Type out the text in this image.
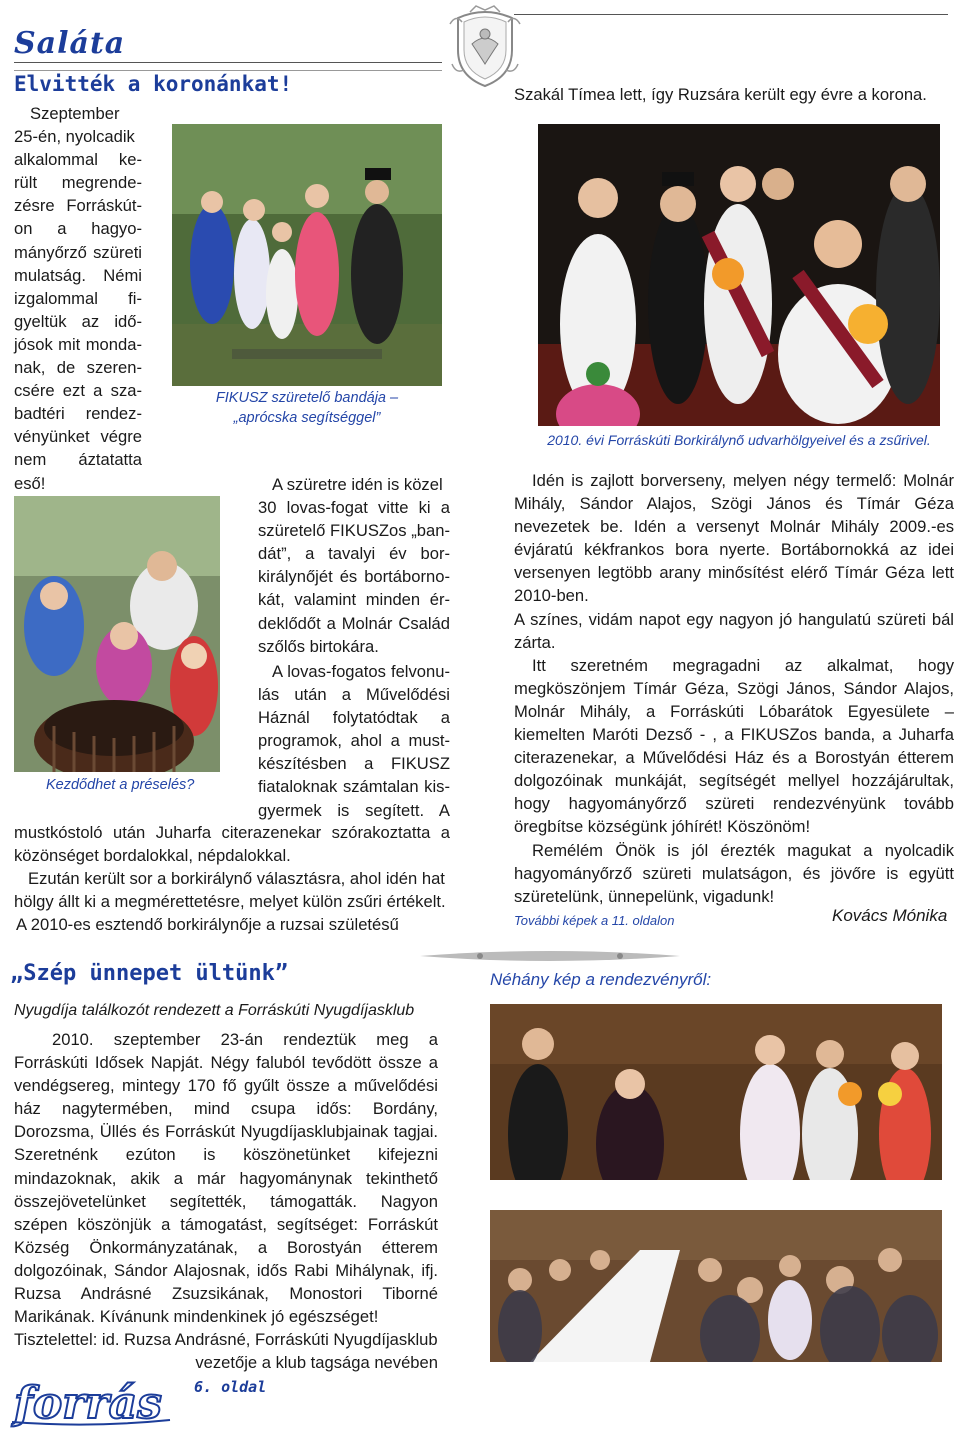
Saláta
Elvitték a koronánkat!
Szeptember
25-én, nyolcadik
alkalommal ke-
rült megrende-
zésre Forráskút-
on a hagyo-
mányőrző szüreti
mulatság. Némi
izgalommal fi-
gyeltük az idő-
jósok mit monda-
nak, de szeren-
csére ezt a sza-
badtéri rendez-
vényünket végre
nem áztatatta eső!
FIKUSZ szüretelő bandája –
„aprócska segítséggel”
Kezdődhet a préselés?
A szüretre idén is közel
30 lovas-fogat vitte ki a
szüretelő FIKUSZos „ban-
dát”, a tavalyi év bor-
királynőjét és bortáborno-
kát, valamint minden ér-
deklődőt a Molnár Család
szőlős birtokára.
A lovas-fogatos felvonu-
lás után a Művelődési
Háznál folytatódtak a
programok, ahol a must-
készítésben a FIKUSZ
fiataloknak számtalan kis-
gyermek is segített. A
mustkóstoló után Juharfa citerazenekar szórakoztatta a
közönséget bordalokkal, népdalokkal.
Ezután került sor a borkirálynő választásra, ahol idén hat
hölgy állt ki a megmérettetésre, melyet külön zsűri értékelt.
A 2010-es esztendő borkirálynője a ruzsai születésű
Szakál Tímea lett, így Ruzsára került egy évre a korona.
2010. évi Forráskúti Borkirálynő udvarhölgyeivel és a zsűrivel.

Idén is zajlott borverseny, melyen négy termelő: Molnár Mihály, Sándor Alajos, Szögi János és Tímár Géza nevezetek be. Idén a versenyt Molnár Mihály 2009.-es évjáratú kékfrankos bora nyerte. Bortábornokká az idei versenyen legtöbb arany minősítést elérő Tímár Géza lett 2010-ben.

A színes, vidám napot egy nagyon jó hangulatú szüreti bál zárta.

Itt szeretném megragadni az alkalmat, hogy megköszönjem Tímár Géza, Szögi János, Sándor Alajos, Molnár Mihály, a Forráskúti Lóbarátok Egyesülete – kiemelten Maróti Dezső - , a FIKUSZos banda, a Juharfa citerazenekar, a Művelődési Ház és a Borostyán étterem dolgozóinak munkáját, segítségét mellyel hozzájárultak, hogy hagyományőrző szüreti rendezvényünk tovább öregbítse községünk jóhírét! Köszönöm!

Remélém Önök is jól érezték magukat a nyolcadik hagyományőrző szüreti mulatságon, és jövőre is együtt szüretelünk, ünnepelünk, vigadunk!

További képek a 11. oldalon	Kovács Mónika
„Szép ünnepet ültünk”
Nyugdíja találkozót rendezett a Forráskúti Nyugdíjasklub

2010. szeptember 23-án rendeztük meg a Forráskúti Idősek Napját. Négy faluból tevődött össze a vendégsereg, mintegy 170 fő gyűlt össze a művelődési ház nagytermében, mind csupa idős: Bordány, Dorozsma, Üllés és Forráskút Nyugdíjasklubjainak tagjai. Szeretnénk ezúton is köszönetünket kifejezni mindazoknak, akik a már hagyománynak tekinthető összejövetelünket segítették, támogatták. Nagyon szépen köszönjük a támogatást, segítséget: Forráskút Község Önkormányzatának, a Borostyán étterem dolgozóinak, Sándor Alajosnak, idős Rabi Mihálynak, ifj. Ruzsa Andrásné Zsuzsikának, Monostori Tiborné Marikának. Kívánunk mindenkinek jó egészséget!

Tisztelettel: id. Ruzsa Andrásné, Forráskúti Nyugdíjasklub

vezetője a klub tagsága nevében

Néhány kép a rendezvényről:
forrás 6. oldal
